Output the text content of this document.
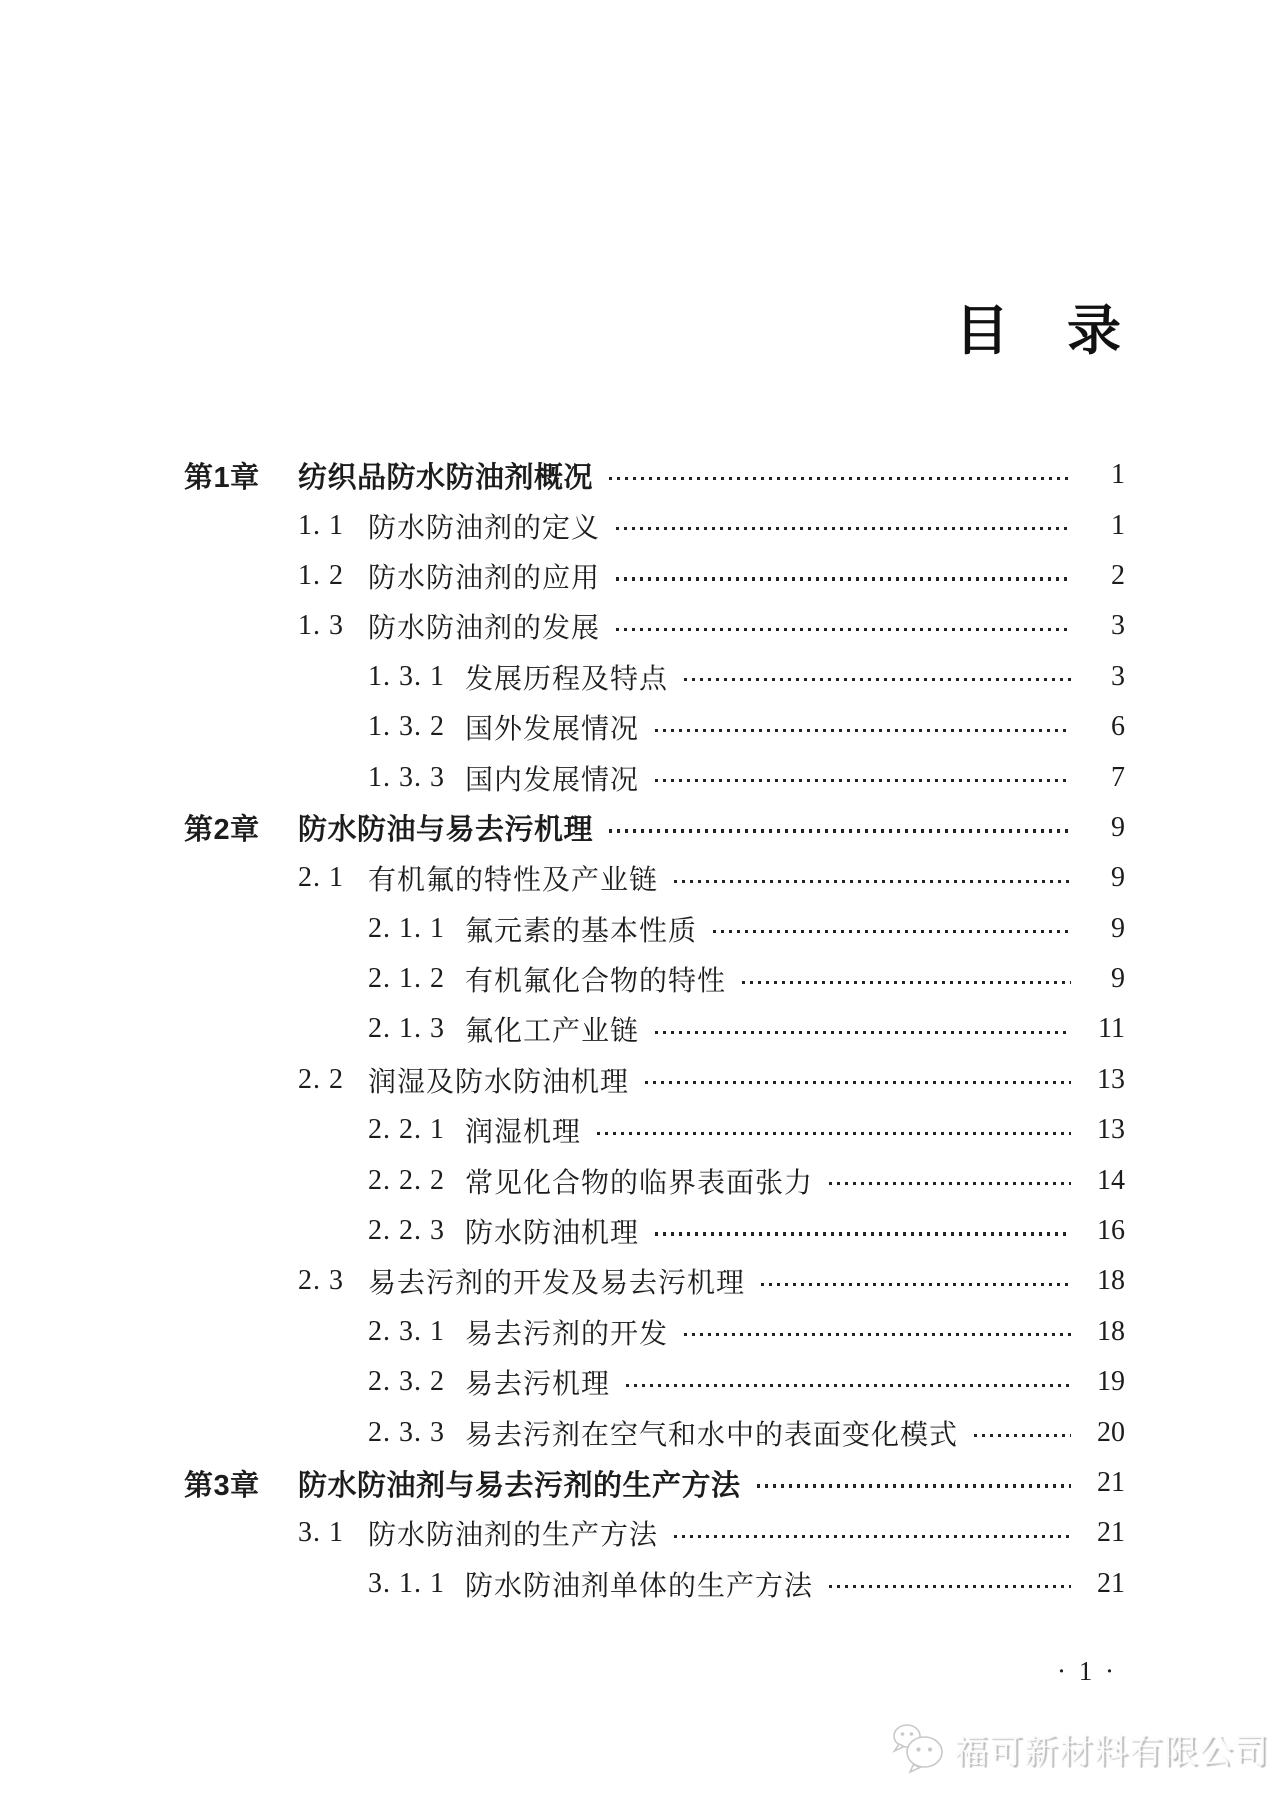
目　录
第1章	纺织品防水防油剂概况	1
1. 1 防水防油剂的定义	1
1. 2 防水防油剂的应用	2
1. 3 防水防油剂的发展	3
1. 3. 1 发展历程及特点	3
1. 3. 2 国外发展情况	6
1. 3. 3 国内发展情况	7
第2章	防水防油与易去污机理	9
2. 1 有机氟的特性及产业链	9
2. 1. 1 氟元素的基本性质	9
2. 1. 2 有机氟化合物的特性	9
2. 1. 3 氟化工产业链	11
2. 2 润湿及防水防油机理	13
2. 2. 1 润湿机理	13
2. 2. 2 常见化合物的临界表面张力	14
2. 2. 3 防水防油机理	16
2. 3 易去污剂的开发及易去污机理	18
2. 3. 1 易去污剂的开发	18
2. 3. 2 易去污机理	19
2. 3. 3 易去污剂在空气和水中的表面变化模式	20
第3章	防水防油剂与易去污剂的生产方法	21
3. 1 防水防油剂的生产方法	21
3. 1. 1 防水防油剂单体的生产方法	21
· 1 ·
福可新材料有限公司
